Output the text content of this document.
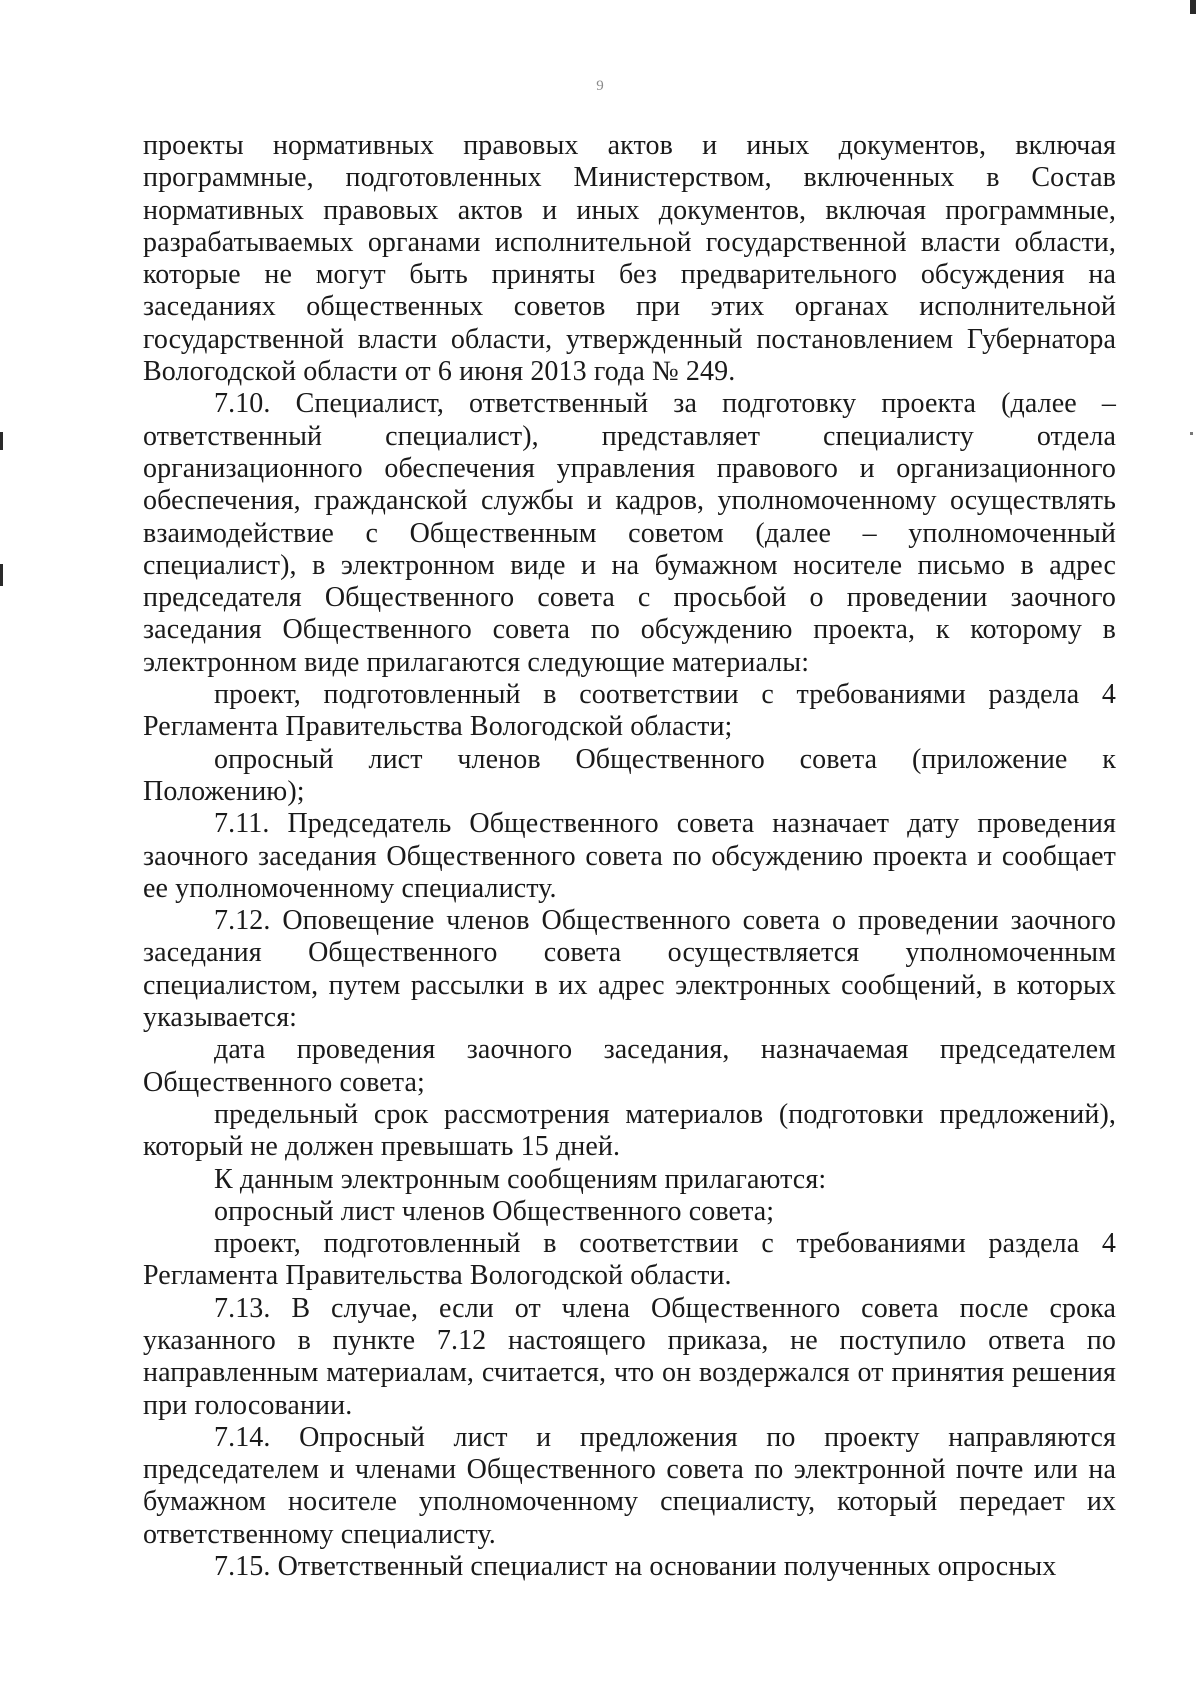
9

проекты нормативных правовых актов и иных документов, включая программные, подготовленных Министерством, включенных в Состав нормативных правовых актов и иных документов, включая программные, разрабатываемых органами исполнительной государственной власти области, которые не могут быть приняты без предварительного обсуждения на заседаниях общественных советов при этих органах исполнительной государственной власти области, утвержденный постановлением Губернатора Вологодской области от 6 июня 2013 года № 249.

7.10. Специалист, ответственный за подготовку проекта (далее – ответственный специалист), представляет специалисту отдела организационного обеспечения управления правового и организационного обеспечения, гражданской службы и кадров, уполномоченному осуществлять взаимодействие с Общественным советом (далее – уполномоченный специалист), в электронном виде и на бумажном носителе письмо в адрес председателя Общественного совета с просьбой о проведении заочного заседания Общественного совета по обсуждению проекта, к которому в электронном виде прилагаются следующие материалы:

проект, подготовленный в соответствии с требованиями раздела 4 Регламента Правительства Вологодской области;

опросный лист членов Общественного совета (приложение к Положению);

7.11. Председатель Общественного совета назначает дату проведения заочного заседания Общественного совета по обсуждению проекта и сообщает ее уполномоченному специалисту.

7.12. Оповещение членов Общественного совета о проведении заочного заседания Общественного совета осуществляется уполномоченным специалистом, путем рассылки в их адрес электронных сообщений, в которых указывается:

дата проведения заочного заседания, назначаемая председателем Общественного совета;

предельный срок рассмотрения материалов (подготовки предложений), который не должен превышать 15 дней.

К данным электронным сообщениям прилагаются:

опросный лист членов Общественного совета;

проект, подготовленный в соответствии с требованиями раздела 4 Регламента Правительства Вологодской области.

7.13. В случае, если от члена Общественного совета после срока указанного в пункте 7.12 настоящего приказа, не поступило ответа по направленным материалам, считается, что он воздержался от принятия решения при голосовании.

7.14. Опросный лист и предложения по проекту направляются председателем и членами Общественного совета по электронной почте или на бумажном носителе уполномоченному специалисту, который передает их ответственному специалисту.

7.15. Ответственный специалист на основании полученных опросных
